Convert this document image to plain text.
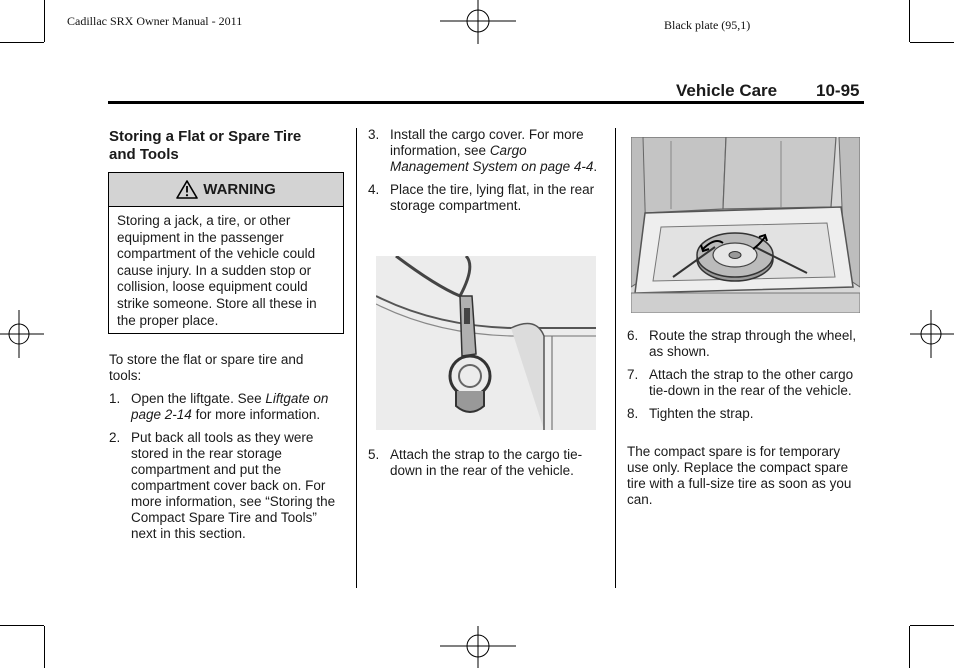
Cadillac SRX Owner Manual - 2011	Black plate (95,1)
Vehicle Care 10-95
Storing a Flat or Spare Tire and Tools
WARNING
Storing a jack, a tire, or other equipment in the passenger compartment of the vehicle could cause injury. In a sudden stop or collision, loose equipment could strike someone. Store all these in the proper place.
To store the flat or spare tire and tools:
1. Open the liftgate. See Liftgate on page 2‑14 for more information.
2. Put back all tools as they were stored in the rear storage compartment and put the compartment cover back on. For more information, see “Storing the Compact Spare Tire and Tools” next in this section.
3. Install the cargo cover. For more information, see Cargo Management System on page 4‑4.
4. Place the tire, lying flat, in the rear storage compartment.
5. Attach the strap to the cargo tie-down in the rear of the vehicle.
6. Route the strap through the wheel, as shown.
7. Attach the strap to the other cargo tie-down in the rear of the vehicle.
8. Tighten the strap.
The compact spare is for temporary use only. Replace the compact spare tire with a full-size tire as soon as you can.
